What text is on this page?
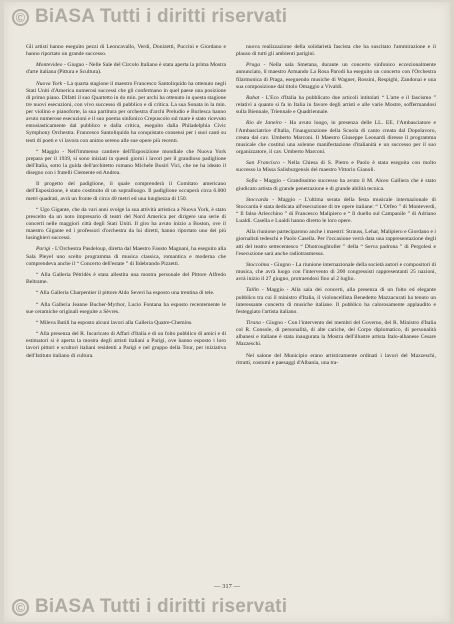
© BiASA Tutti i diritti riservati

Gli artisti hanno eseguito pezzi di Leoncavallo, Verdi, Donizetti, Puccini e Giordano e hanno riportato un grande successo.

Montevideo - Giugno - Nelle Sale del Circolo Italiano è stata aperta la prima Mostra d'arte italiana (Pittura e Scultura).

Nuova York - La quarta stagione il maestro Francesco Santoliquido ha ottenuto negli Stati Uniti d'America numerosi successi che gli confermano in quel paese una posizione di primo piano. Difatti il suo Quartetto in do min. per archi ha ottenuto in questa stagione tre nuovi esecuzioni, con vivo successo di pubblico e di critica. La sua Sonata in la min. per violino e pianoforte, la sua partitura per orchestra d'archi Preludio e Burlesca hanno avuto numerose esecuzioni e il suo poema sinfonico Crepuscolo sul mare è stato ricevuto entusiasticamente dal pubblico e dalla critica, eseguito dalla Philadelphia Civic Symphony Orchestra. Francesco Santoliquido ha conquistato consensi per i suoi canti su testi di poeti e vi lavora con animo sereno alle sue opere più recenti.

“ Maggio - Nell'immenso cantiere dell'Esposizione mondiale che Nuova York prepara per il 1939, si sono iniziati in questi giorni i lavori per il grandioso padiglione dell'Italia, sotto la guida dell'architetto romano Michele Busiri Vici, che ne ha ideato il disegno con i fratelli Clemente ed Andrea.

Il progetto del padiglione, il quale comprenderà il Comitato americano dell'Esposizione, è stato costituito di un sopralluogo. Il padiglione occuperà circa 6.000 metri quadrati, avrà un fronte di circa 40 metri ed una lunghezza di 150.

“ Ugo Gigante, che da vari anni svolge la sua attività artistica a Nuova York, è stato prescelto da un noto impresario di teatri del Nord America per dirigere una serie di concerti nelle maggiori città degli Stati Uniti. Il giro ha avuto inizio a Boston, ove il maestro Gigante ed i professori d'orchestra da lui diretti, hanno riportato uno dei più lusinghieri successi.

Parigi - L'Orchestra Pasdeloup, diretta dal Maestro Fausto Magnani, ha eseguito alla Sala Pleyel uno scelto programma di musica classica, romantica e moderna che comprendeva anche il “ Concerto dell'estate ” di Ildebrando Pizzetti.

“ Alla Galleria Pétridès è stata allestita una mostra personale del Pittore Alfredo Beltrame.

“ Alla Galleria Charpentier il pittore Aldo Severi ha esposto una trentina di tele.

“ Alla Galleria Jeanne Bucher-Myrbor, Lucio Fontana ha esposto recentemente le sue ceramiche originali eseguite a Sèvres.

“ Mileva Batili ha esposto alcuni lavori alla Galleria Quatre-Chemins.

“ Alla presenza del R. Incaricato di Affari d'Italia e di un folto pubblico di amici e di estimatori si è aperta la mostra degli artisti italiani a Parigi, ove hanno esposto i loro lavori pittori e scultori italiani residenti a Parigi e nel gruppo della Tour, per iniziativa dell'Istituto italiano di cultura.

nuova realizzazione della solidarietà fascista che ha suscitato l'ammirazione e il plauso di tutti gli ambienti parigini.

Praga - Nella sala Smetana, durante un concerto sinfonico eccezionalmente annunciato, il maestro Armando La Rosa Parodi ha eseguito un concerto con l'Orchestra filarmonica di Praga, eseguendo musiche di Wagner, Rossini, Respighi, Zandonai e una sua composizione dal titolo Omaggio a Vivaldi.

Rabat - L'Eco d'Italia ha pubblicato due articoli intitolati “ L'arte e il fascismo ” relativi a quanto si fa in Italia in favore degli artisti e alle varie Mostre, soffermandosi sulla Biennale, Triennale e Quadriennale.

Rio de Janeiro - Ha avuto luogo, in presenza delle LL. EE. l'Ambasciatore e l'Ambasciatrice d'Italia, l'inaugurazione della Scuola di canto creata dal Dopolavoro, creata dal cav. Umberto Marconi. Il Maestro Giuseppe Leonardi diresse il programma musicale che costituì una solenne manifestazione d'italianità e un successo per il suo organizzatore, il cav. Umberto Marconi.

San Francisco - Nella Chiesa di S. Pietro e Paolo è stata eseguita con molto successo la Missa Salisburgensis del maestro Vittorio Gianoli.

Sofia - Maggio - Grandissimo successo ha avuto il M. Alceo Galliera che è stato giudicato artista di grande penetrazione e di grande abilità tecnica.

Stoccarda - Maggio - L'ultima serata della festa musicale internazionale di Stoccarda è stata dedicata all'esecuzione di tre opere italiane: “ L'Orfeo ” di Monteverdi, “ Il falso Arlecchino ” di Francesco Malipiero e “ Il duello sul Campanile ” di Adriano Lualdi. Casella e Lualdi hanno diretto le loro opere.

Alla riunione parteciparono anche i maestri: Strauss, Lehar, Malipiero e Giordano e i giornalisti tedeschi e Paolo Casella. Per l'occasione verrà data una rappresentazione degli atti del teatro settecentesco “ Dhotroughtoller ” della “ Serva padrona ” di Pergolesi e l'esecuzione sarà anche radiotrasmessa.

Stoccolma - Giugno - La riunione internazionale della società autori e compositori di musica, che avrà luogo con l'intervento di 200 congressisti rappresentanti 25 nazioni, avrà inizio il 27 giugno, protraendosi fino al 2 luglio.

Tallin - Maggio - Alla sala dei concerti, alla presenza di un folto ed elegante pubblico tra cui il ministro d'Italia, il violoncellista Benedetto Mazzacurati ha tenuto un interessante concerto di musiche italiane. Il pubblico ha calorosamente applaudito e festeggiato l'artista italiano.

Tirana - Giugno - Con l'intervento dei membri del Governo, del R. Ministro d'Italia col R. Console, di personalità, di alte cariche, del Corpo diplomatico, di personalità albanesi e italiane è stata inaugurata la Mostra dell'illustre artista Italo-albanese Cesare Mazzeschi.

Nel salone del Municipio erano artisticamente ordinati i lavori del Mazzeschi, ritratti, costumi e paesaggi d'Albania, una tra-

— 317 —
© BiASA Tutti i diritti riservati
